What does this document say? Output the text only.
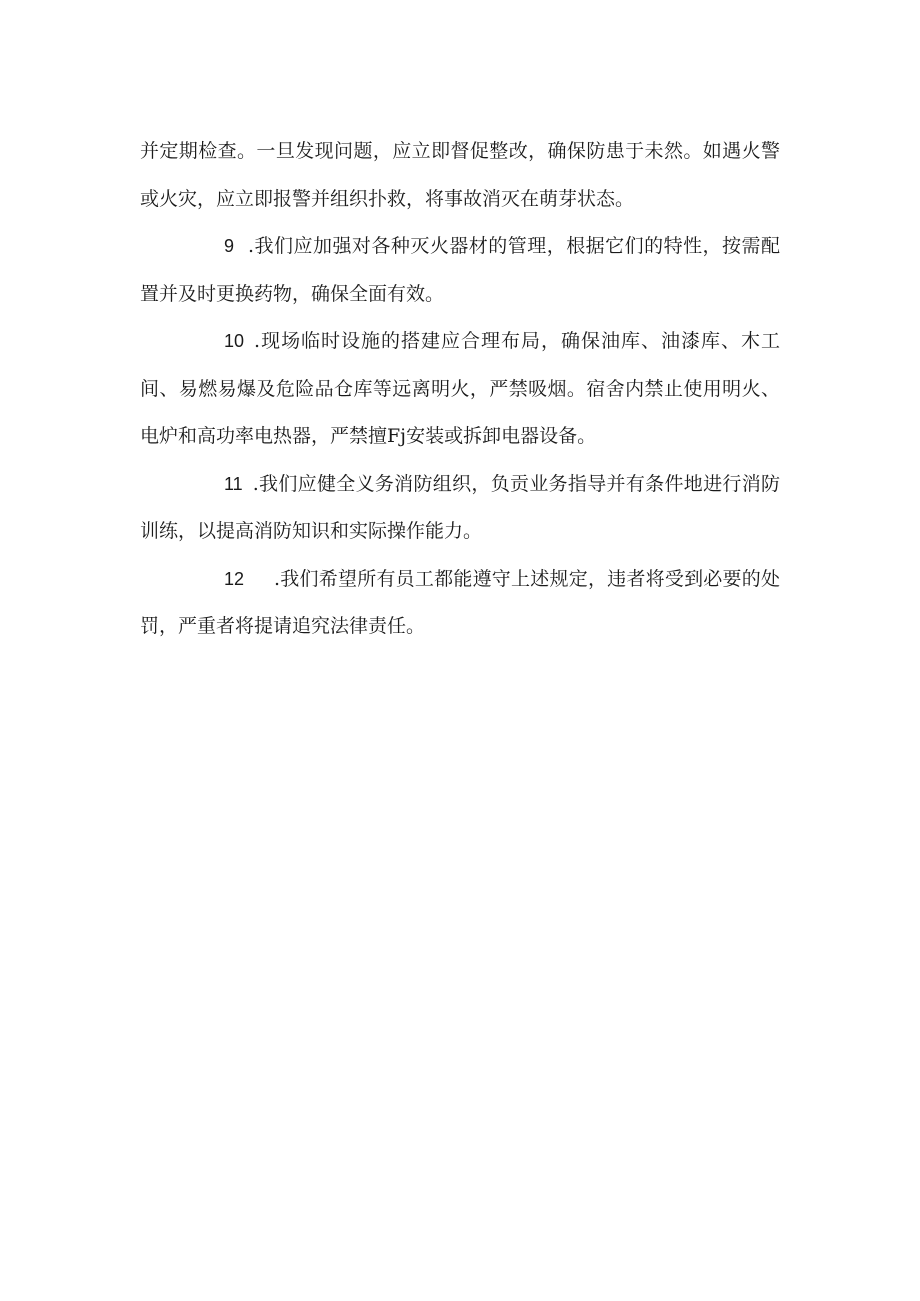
并定期检查。一旦发现问题，应立即督促整改，确保防患于未然。如遇火警或火灾，应立即报警并组织扑救，将事故消灭在萌芽状态。

9 .我们应加强对各种灭火器材的管理，根据它们的特性，按需配置并及时更换药物，确保全面有效。

10 .现场临时设施的搭建应合理布局，确保油库、油漆库、木工间、易燃易爆及危险品仓库等远离明火，严禁吸烟。宿舍内禁止使用明火、电炉和高功率电热器，严禁擅Fj安装或拆卸电器设备。

11 .我们应健全义务消防组织，负贡业务指导并有条件地进行消防训练，以提高消防知识和实际操作能力。

12 .我们希望所有员工都能遵守上述规定，违者将受到必要的处罚，严重者将提请追究法律责任。
